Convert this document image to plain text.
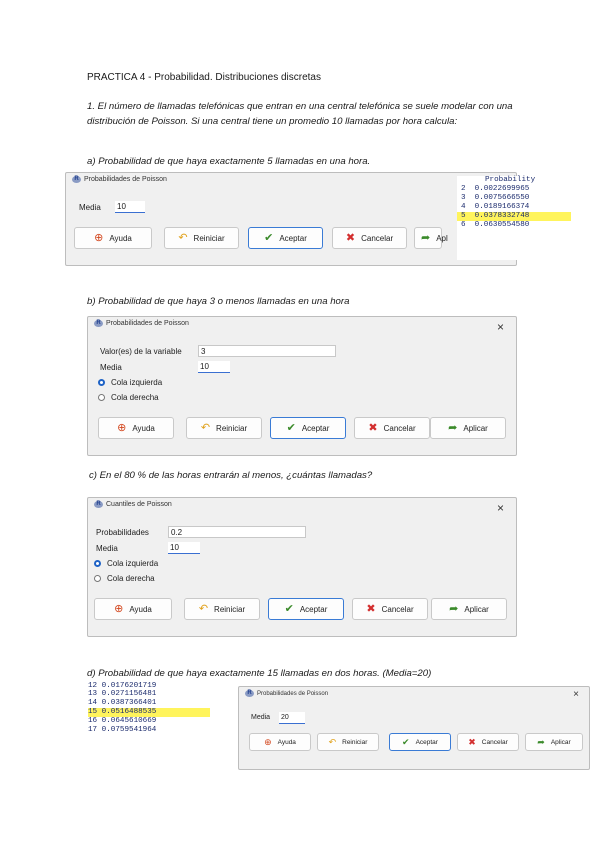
PRACTICA 4 - Probabilidad. Distribuciones discretas
1. El número de llamadas telefónicas que entran en una central telefónica se suele modelar con una distribución de Poisson. Si una central tiene un promedio 10 llamadas por hora calcula:
a) Probabilidad de que haya exactamente 5 llamadas en una hora.
R Probabilidades de Poisson
Media 10
⊕ Ayuda	↶ Reiniciar	✔ Aceptar	✖ Cancelar	➦ Apl
Probability
2  0.0022699965
3  0.0075666550
4  0.0189166374
5  0.0378332748
6  0.0630554580
b) Probabilidad de que haya 3 o menos llamadas en una hora
R Probabilidades de Poisson	×
Valor(es) de la variable	3
Media	10
Cola izquierda
Cola derecha
⊕ Ayuda	↶ Reiniciar	✔ Aceptar	✖ Cancelar	➦ Aplicar
c) En el 80 % de las horas entrarán al menos, ¿cuántas llamadas?
R Cuantiles de Poisson	×
Probabilidades	0.2
Media	10
Cola izquierda
Cola derecha
⊕ Ayuda	↶ Reiniciar	✔ Aceptar	✖ Cancelar	➦ Aplicar
d) Probabilidad de que haya exactamente 15 llamadas en dos horas. (Media=20)
12 0.0176201719
13 0.0271156481
14 0.0387366401
15 0.0516488535
16 0.0645610669
17 0.0759541964
R Probabilidades de Poisson	×
Media 20
⊕ Ayuda	↶ Reiniciar	✔ Aceptar	✖ Cancelar	➦ Aplicar
